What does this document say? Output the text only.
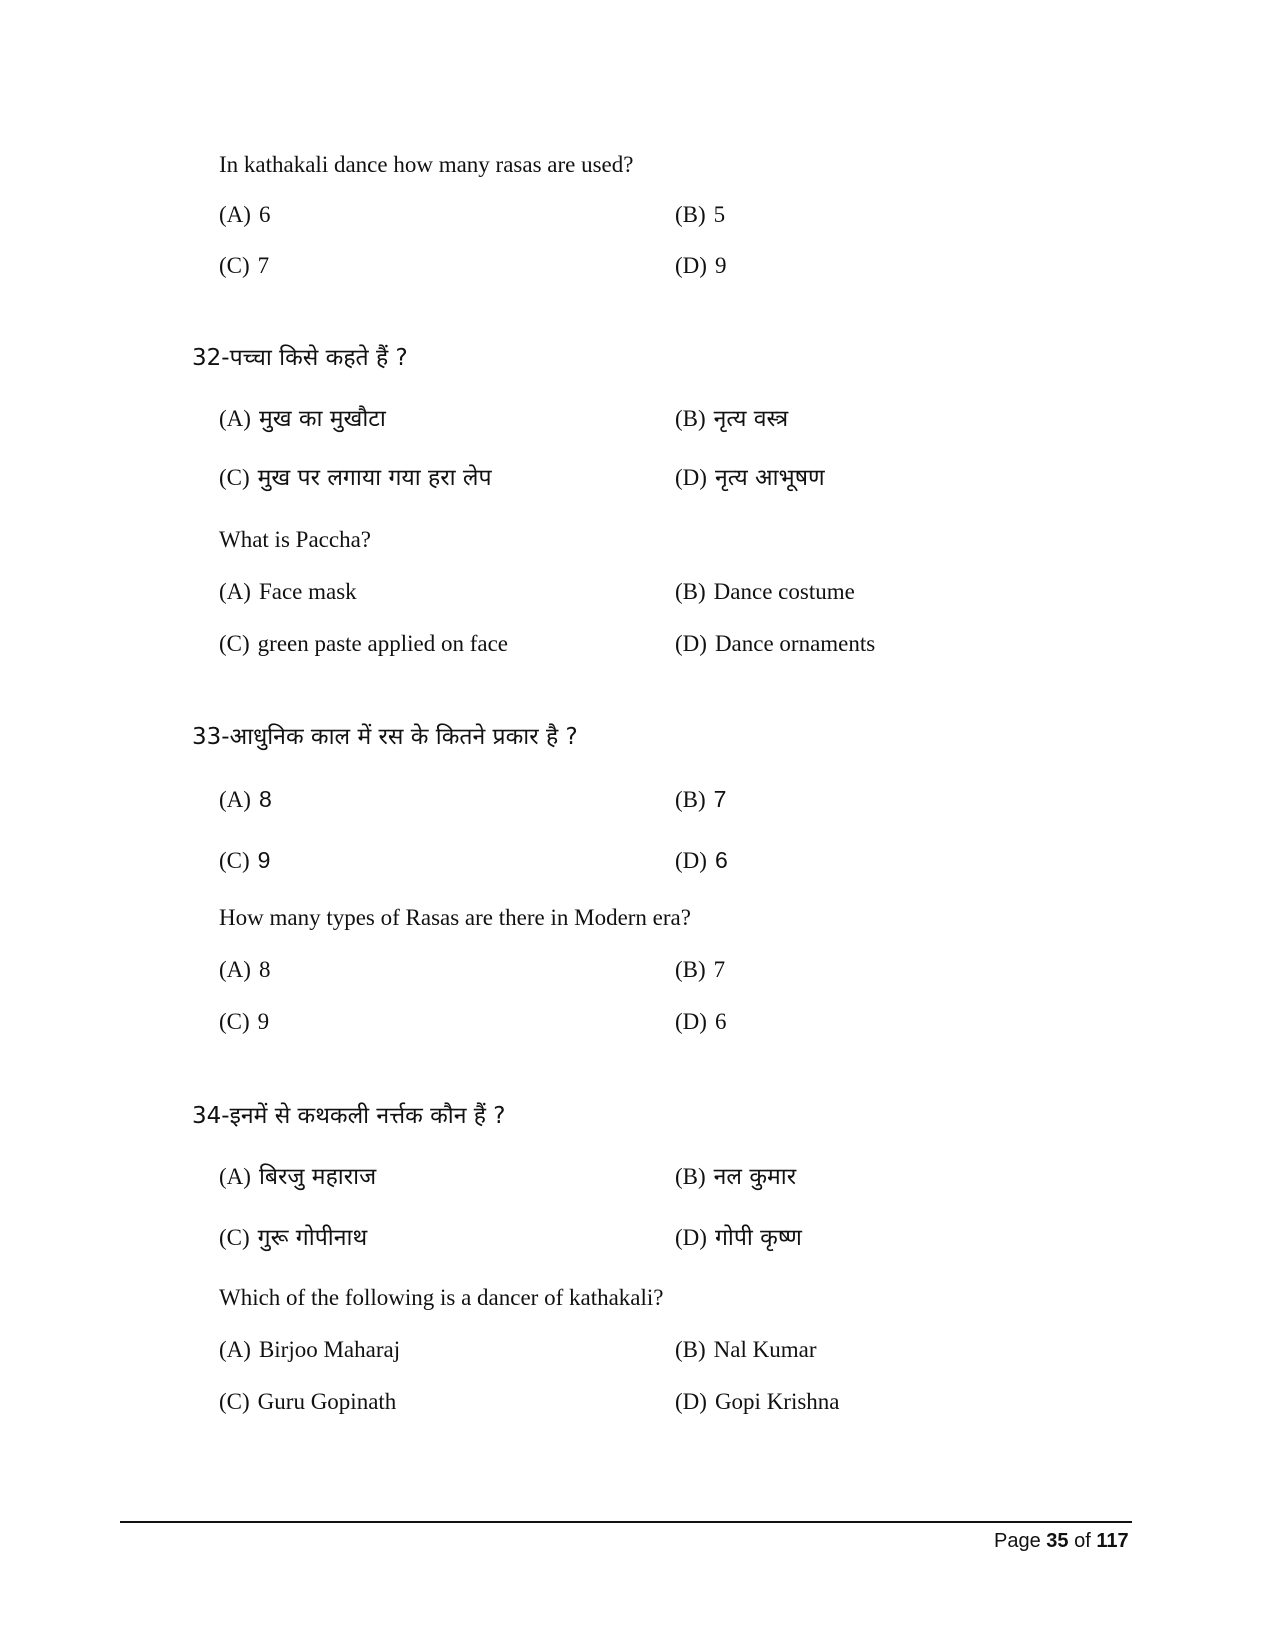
In kathakali dance how many rasas are used?
(A) 6	(B) 5
(C) 7	(D) 9
32-पच्चा किसे कहते हैं ?
(A) मुख का मुखौटा	(B) नृत्य वस्त्र
(C) मुख पर लगाया गया हरा लेप	(D) नृत्य आभूषण
What is Paccha?
(A) Face mask	(B) Dance costume
(C) green paste applied on face	(D) Dance ornaments
33-आधुनिक काल में रस के कितने प्रकार है ?
(A) 8	(B) 7
(C) 9	(D) 6
How many types of Rasas are there in Modern era?
(A) 8	(B) 7
(C) 9	(D) 6
34-इनमें से कथकली नर्त्तक कौन हैं ?
(A) बिरजु महाराज	(B) नल कुमार
(C) गुरू गोपीनाथ	(D) गोपी कृष्ण
Which of the following is a dancer of kathakali?
(A) Birjoo Maharaj	(B) Nal Kumar
(C) Guru Gopinath	(D) Gopi Krishna
Page 35 of 117
